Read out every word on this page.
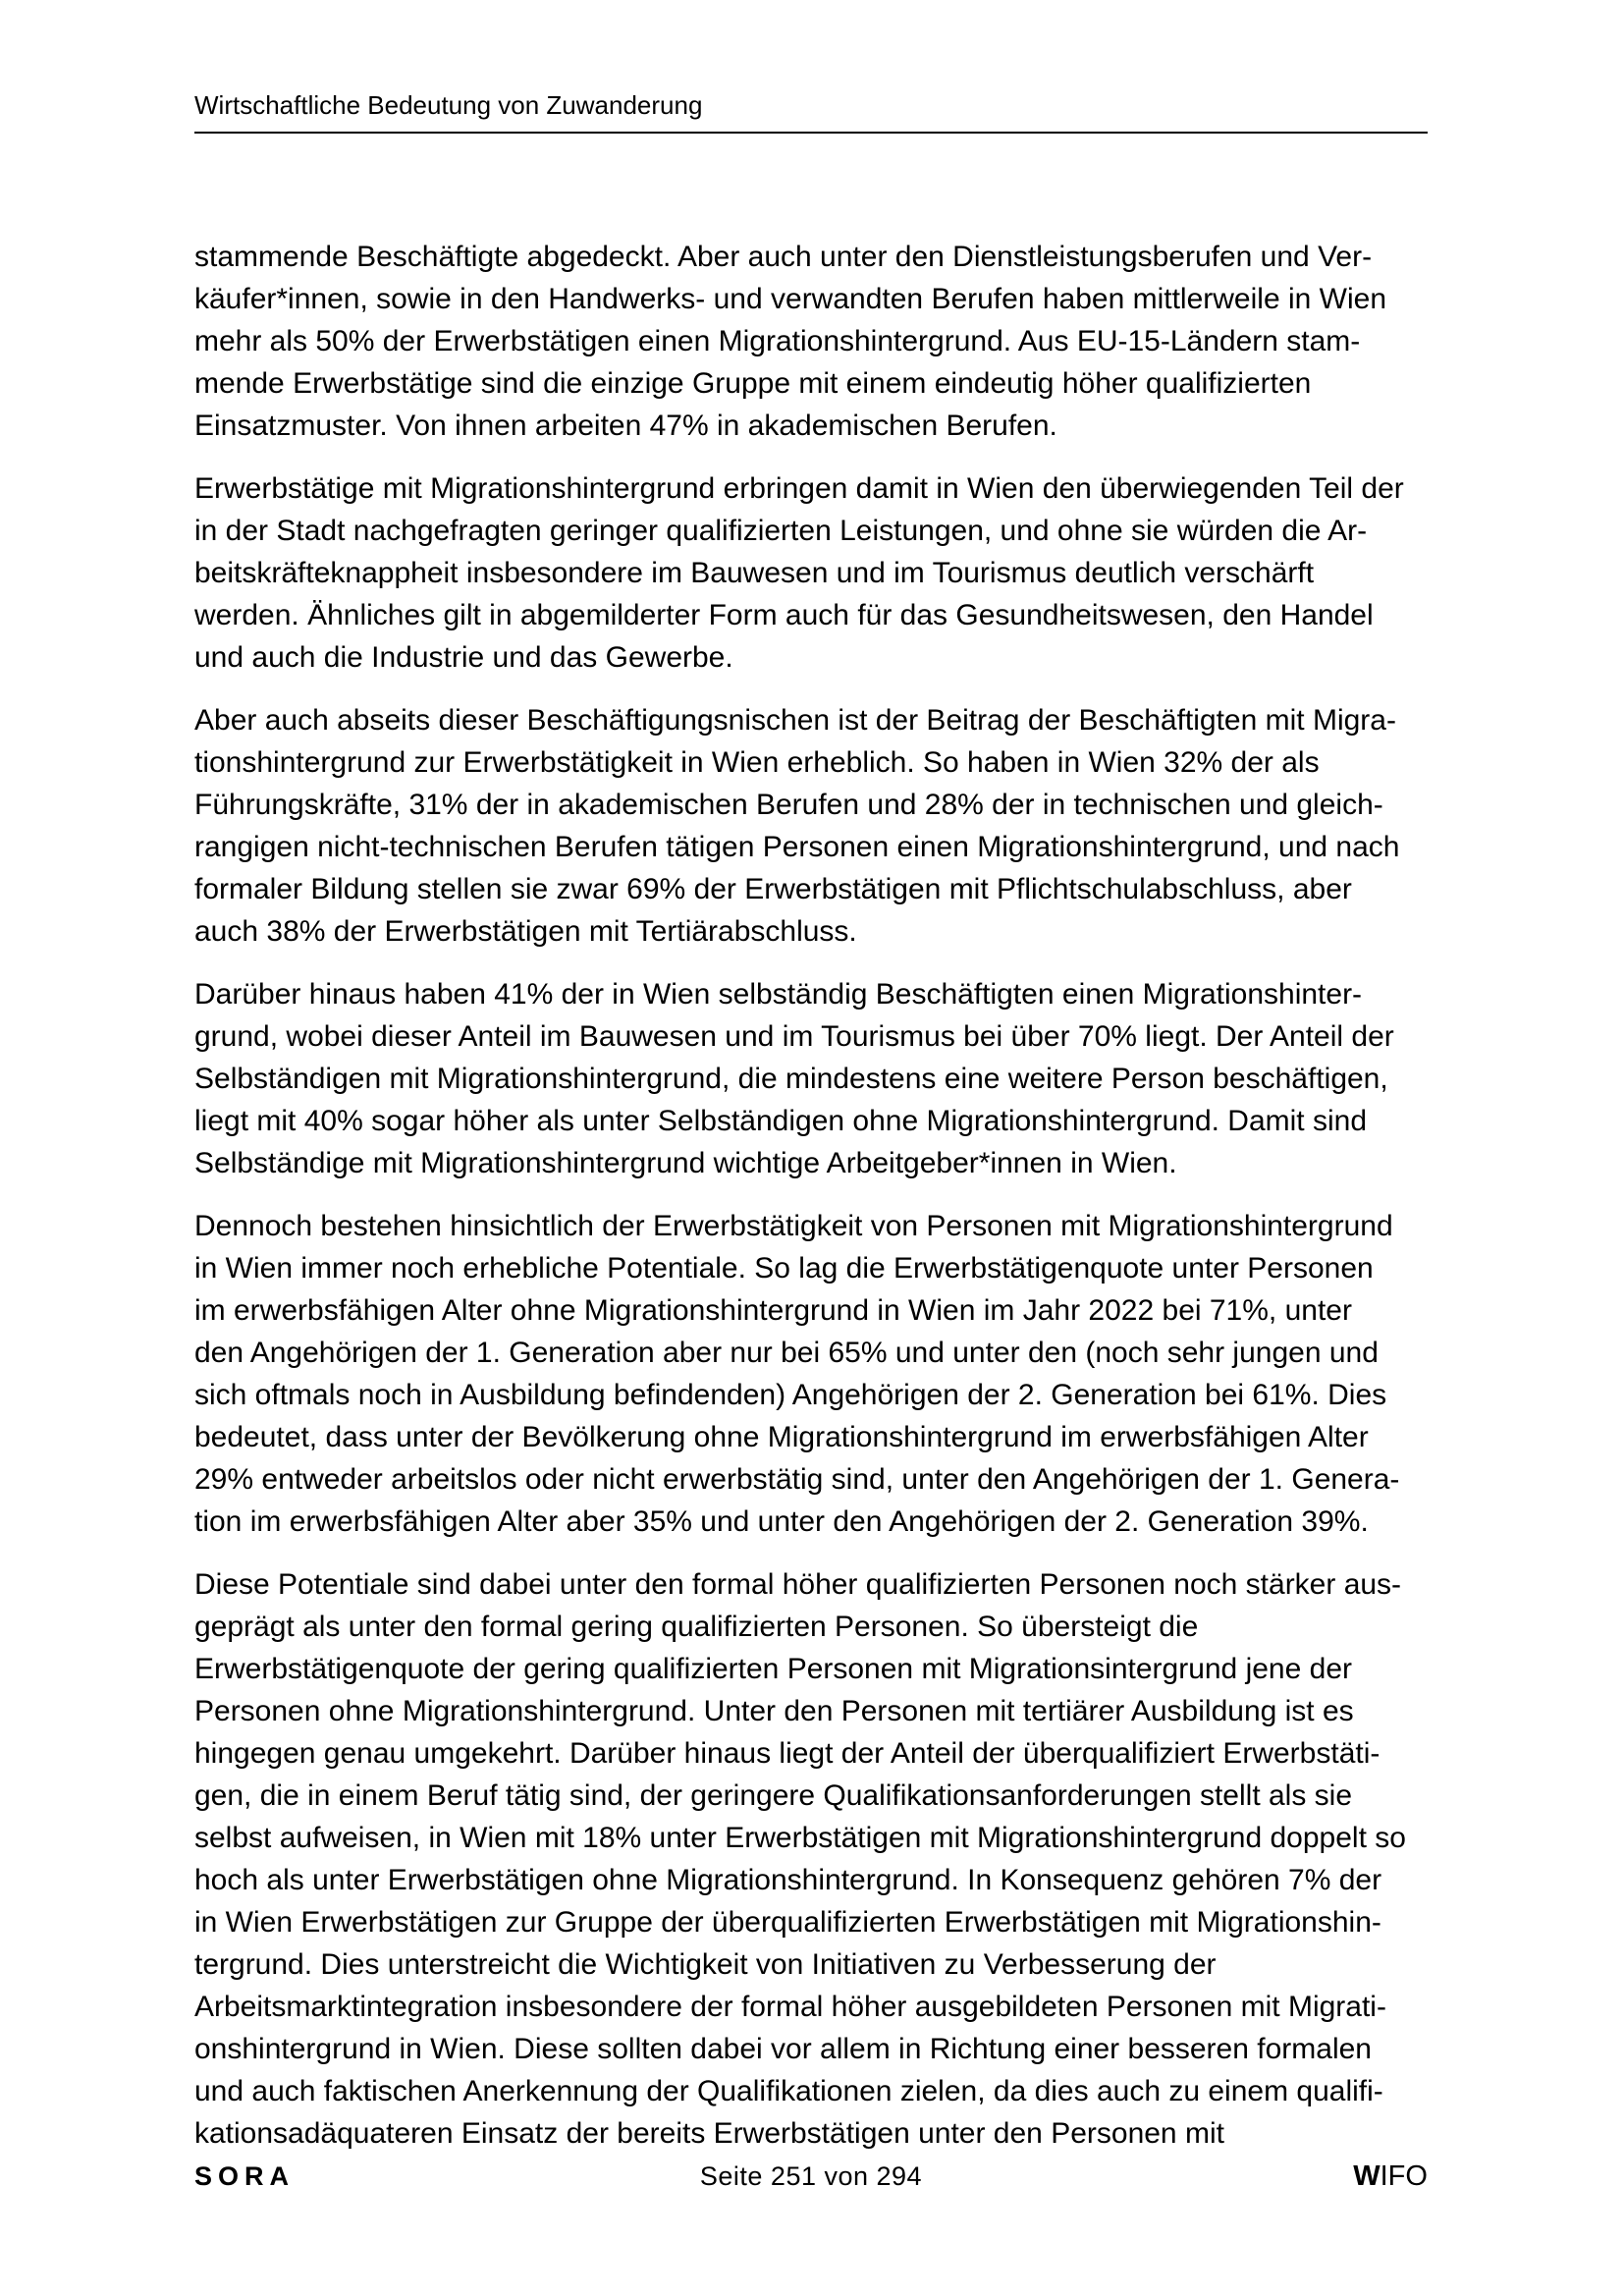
Wirtschaftliche Bedeutung von Zuwanderung

stammende Beschäftigte abgedeckt. Aber auch unter den Dienstleistungsberufen und Ver-
käufer*innen, sowie in den Handwerks- und verwandten Berufen haben mittlerweile in Wien
mehr als 50% der Erwerbstätigen einen Migrationshintergrund. Aus EU-15-Ländern stam-
mende Erwerbstätige sind die einzige Gruppe mit einem eindeutig höher qualifizierten
Einsatzmuster. Von ihnen arbeiten 47% in akademischen Berufen.

Erwerbstätige mit Migrationshintergrund erbringen damit in Wien den überwiegenden Teil der
in der Stadt nachgefragten geringer qualifizierten Leistungen, und ohne sie würden die Ar-
beitskräfteknappheit insbesondere im Bauwesen und im Tourismus deutlich verschärft
werden. Ähnliches gilt in abgemilderter Form auch für das Gesundheitswesen, den Handel
und auch die Industrie und das Gewerbe.

Aber auch abseits dieser Beschäftigungsnischen ist der Beitrag der Beschäftigten mit Migra-
tionshintergrund zur Erwerbstätigkeit in Wien erheblich. So haben in Wien 32% der als
Führungskräfte, 31% der in akademischen Berufen und 28% der in technischen und gleich-
rangigen nicht-technischen Berufen tätigen Personen einen Migrationshintergrund, und nach
formaler Bildung stellen sie zwar 69% der Erwerbstätigen mit Pflichtschulabschluss, aber
auch 38% der Erwerbstätigen mit Tertiärabschluss.

Darüber hinaus haben 41% der in Wien selbständig Beschäftigten einen Migrationshinter-
grund, wobei dieser Anteil im Bauwesen und im Tourismus bei über 70% liegt. Der Anteil der
Selbständigen mit Migrationshintergrund, die mindestens eine weitere Person beschäftigen,
liegt mit 40% sogar höher als unter Selbständigen ohne Migrationshintergrund. Damit sind
Selbständige mit Migrationshintergrund wichtige Arbeitgeber*innen in Wien.

Dennoch bestehen hinsichtlich der Erwerbstätigkeit von Personen mit Migrationshintergrund
in Wien immer noch erhebliche Potentiale. So lag die Erwerbstätigenquote unter Personen
im erwerbsfähigen Alter ohne Migrationshintergrund in Wien im Jahr 2022 bei 71%, unter
den Angehörigen der 1. Generation aber nur bei 65% und unter den (noch sehr jungen und
sich oftmals noch in Ausbildung befindenden) Angehörigen der 2. Generation bei 61%. Dies
bedeutet, dass unter der Bevölkerung ohne Migrationshintergrund im erwerbsfähigen Alter
29% entweder arbeitslos oder nicht erwerbstätig sind, unter den Angehörigen der 1. Genera-
tion im erwerbsfähigen Alter aber 35% und unter den Angehörigen der 2. Generation 39%.

Diese Potentiale sind dabei unter den formal höher qualifizierten Personen noch stärker aus-
geprägt als unter den formal gering qualifizierten Personen. So übersteigt die
Erwerbstätigenquote der gering qualifizierten Personen mit Migrationsintergrund jene der
Personen ohne Migrationshintergrund. Unter den Personen mit tertiärer Ausbildung ist es
hingegen genau umgekehrt. Darüber hinaus liegt der Anteil der überqualifiziert Erwerbstäti-
gen, die in einem Beruf tätig sind, der geringere Qualifikationsanforderungen stellt als sie
selbst aufweisen, in Wien mit 18% unter Erwerbstätigen mit Migrationshintergrund doppelt so
hoch als unter Erwerbstätigen ohne Migrationshintergrund. In Konsequenz gehören 7% der
in Wien Erwerbstätigen zur Gruppe der überqualifizierten Erwerbstätigen mit Migrationshin-
tergrund. Dies unterstreicht die Wichtigkeit von Initiativen zu Verbesserung der
Arbeitsmarktintegration insbesondere der formal höher ausgebildeten Personen mit Migrati-
onshintergrund in Wien. Diese sollten dabei vor allem in Richtung einer besseren formalen
und auch faktischen Anerkennung der Qualifikationen zielen, da dies auch zu einem qualifi-
kationsadäquateren Einsatz der bereits Erwerbstätigen unter den Personen mit

SORA	Seite 251 von 294	WIFO
